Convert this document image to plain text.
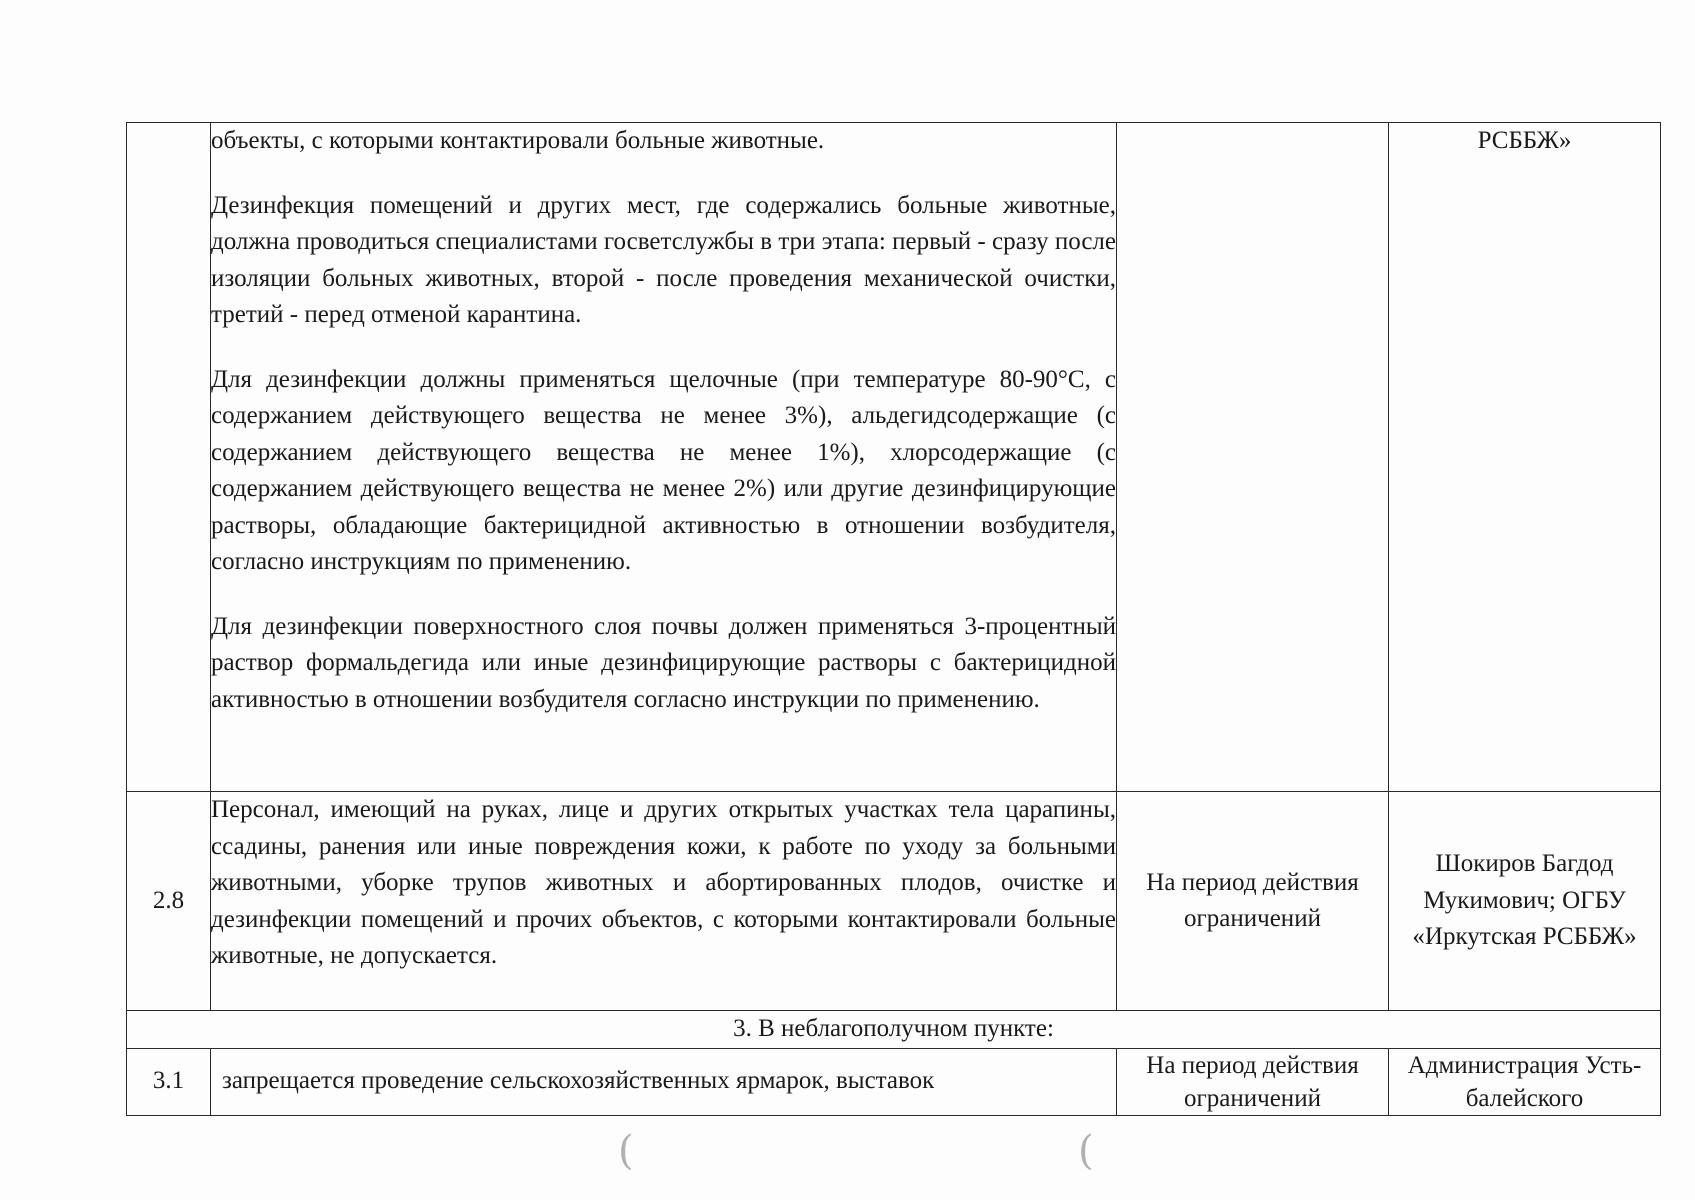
	объекты, с которыми контактировали больные животные.

Дезинфекция помещений и других мест, где содержались больные животные, должна проводиться специалистами госветслужбы в три этапа: первый - сразу после изоляции больных животных, второй - после проведения механической очистки, третий - перед отменой карантина.

Для дезинфекции должны применяться щелочные (при температуре 80-90°С, с содержанием действующего вещества не менее 3%), альдегидсодержащие (с содержанием действующего вещества не менее 1%), хлорсодержащие (с содержанием действующего вещества не менее 2%) или другие дезинфицирующие растворы, обладающие бактерицидной активностью в отношении возбудителя, согласно инструкциям по применению.

Для дезинфекции поверхностного слоя почвы должен применяться 3-процентный раствор формальдегида или иные дезинфицирующие растворы с бактерицидной активностью в отношении возбудителя согласно инструкции по применению.		РСББЖ»
2.8	Персонал, имеющий на руках, лице и других открытых участках тела царапины, ссадины, ранения или иные повреждения кожи, к работе по уходу за больными животными, уборке трупов животных и абортированных плодов, очистке и дезинфекции помещений и прочих объектов, с которыми контактировали больные животные, не допускается.	На период действия ограничений	Шокиров Багдод Мукимович; ОГБУ «Иркутская РСББЖ»
3. В неблагополучном пункте:			
3.1	запрещается проведение сельскохозяйственных ярмарок, выставок	На период действия ограничений	Администрация Усть-балейского
(	(
